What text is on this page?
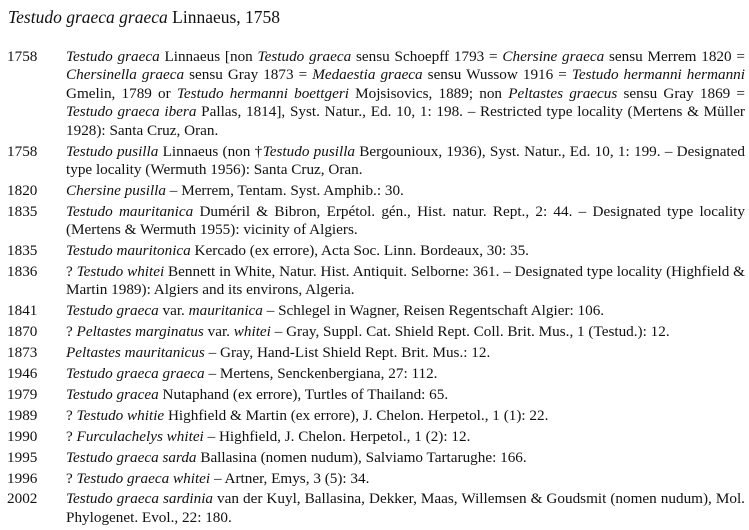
Testudo graeca graeca Linnaeus, 1758
1758	Testudo graeca Linnaeus [non Testudo graeca sensu Schoepff 1793 = Chersine graeca sensu Merrem 1820 = Chersinella graeca sensu Gray 1873 = Medaestia graeca sensu Wussow 1916 = Testudo hermanni hermanni Gmelin, 1789 or Testudo hermanni boettgeri Mojsisovics, 1889; non Peltastes graecus sensu Gray 1869 = Testudo graeca ibera Pallas, 1814], Syst. Natur., Ed. 10, 1: 198. – Restricted type locality (Mertens & Müller 1928): Santa Cruz, Oran.
1758	Testudo pusilla Linnaeus (non †Testudo pusilla Bergounioux, 1936), Syst. Natur., Ed. 10, 1: 199. – Designated type locality (Wermuth 1956): Santa Cruz, Oran.
1820	Chersine pusilla – Merrem, Tentam. Syst. Amphib.: 30.
1835	Testudo mauritanica Duméril & Bibron, Erpétol. gén., Hist. natur. Rept., 2: 44. – Designated type locality (Mertens & Wermuth 1955): vicinity of Algiers.
1835	Testudo mauritonica Kercado (ex errore), Acta Soc. Linn. Bordeaux, 30: 35.
1836	? Testudo whitei Bennett in White, Natur. Hist. Antiquit. Selborne: 361. – Designated type locality (Highfield & Martin 1989): Algiers and its environs, Algeria.
1841	Testudo graeca var. mauritanica – Schlegel in Wagner, Reisen Regentschaft Algier: 106.
1870	? Peltastes marginatus var. whitei – Gray, Suppl. Cat. Shield Rept. Coll. Brit. Mus., 1 (Testud.): 12.
1873	Peltastes mauritanicus – Gray, Hand-List Shield Rept. Brit. Mus.: 12.
1946	Testudo graeca graeca – Mertens, Senckenbergiana, 27: 112.
1979	Testudo gracea Nutaphand (ex errore), Turtles of Thailand: 65.
1989	? Testudo whitie Highfield & Martin (ex errore), J. Chelon. Herpetol., 1 (1): 22.
1990	? Furculachelys whitei – Highfield, J. Chelon. Herpetol., 1 (2): 12.
1995	Testudo graeca sarda Ballasina (nomen nudum), Salviamo Tartarughe: 166.
1996	? Testudo graeca whitei – Artner, Emys, 3 (5): 34.
2002	Testudo graeca sardinia van der Kuyl, Ballasina, Dekker, Maas, Willemsen & Goudsmit (nomen nudum), Mol. Phylogenet. Evol., 22: 180.
